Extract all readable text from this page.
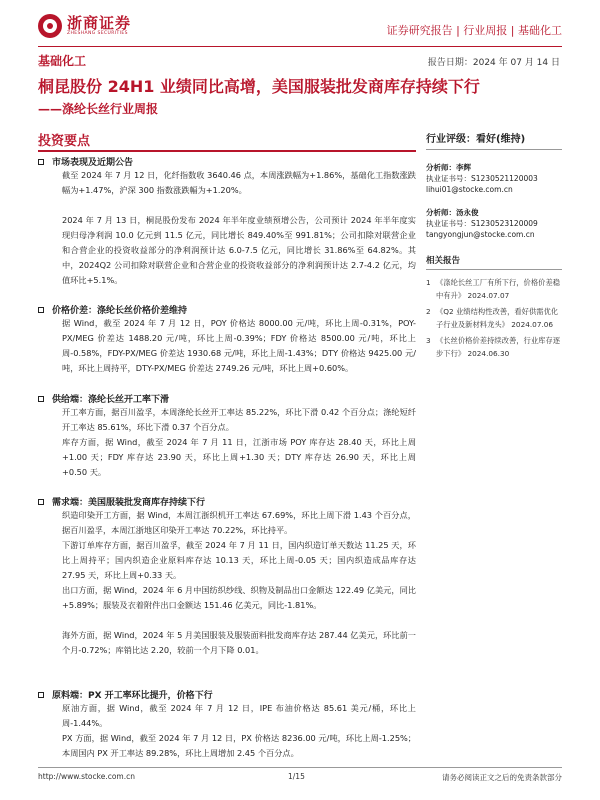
浙商证券
ZHESHANG SECURITIES	证券研究报告 | 行业周报 | 基础化工
基础化工	报告日期：2024 年 07 月 14 日
桐昆股份 24H1 业绩同比高增，美国服装批发商库存持续下行
——涤纶长丝行业周报
投资要点
市场表现及近期公告

截至 2024 年 7 月 12 日，化纤指数收 3640.46 点，本周涨跌幅为+1.86%，基础化工指数涨跌幅为+1.47%，沪深 300 指数涨跌幅为+1.20%。

2024 年 7 月 13 日，桐昆股份发布 2024 年半年度业绩预增公告，公司预计 2024 年半年度实现归母净利润 10.0 亿元到 11.5 亿元，同比增长 849.40%至 991.81%；公司扣除对联营企业和合营企业的投资收益部分的净利润预计达 6.0-7.5 亿元，同比增长 31.86%至 64.82%。其中，2024Q2 公司扣除对联营企业和合营企业的投资收益部分的净利润预计达 2.7-4.2 亿元，均值环比+5.1%。

价格价差：涤纶长丝价格价差维持

据 Wind，截至 2024 年 7 月 12 日，POY 价格达 8000.00 元/吨，环比上周-0.31%，POY-PX/MEG 价差达 1488.20 元/吨，环比上周-0.39%；FDY 价格达 8500.00 元/吨，环比上周-0.58%，FDY-PX/MEG 价差达 1930.68 元/吨，环比上周-1.43%；DTY 价格达 9425.00 元/吨，环比上周持平，DTY-PX/MEG 价差达 2749.26 元/吨，环比上周+0.60%。

供给端：涤纶长丝开工率下滑

开工率方面，据百川盈孚，本周涤纶长丝开工率达 85.22%，环比下滑 0.42 个百分点；涤纶短纤开工率达 85.61%，环比下滑 0.37 个百分点。

库存方面，据 Wind，截至 2024 年 7 月 11 日，江浙市场 POY 库存达 28.40 天，环比上周+1.00 天；FDY 库存达 23.90 天，环比上周+1.30 天；DTY 库存达 26.90 天，环比上周+0.50 天。

需求端：美国服装批发商库存持续下行

织造印染开工方面，据 Wind，本周江浙织机开工率达 67.69%，环比上周下滑 1.43 个百分点，据百川盈孚，本周江浙地区印染开工率达 70.22%，环比持平。

下游订单库存方面，据百川盈孚，截至 2024 年 7 月 11 日，国内织造订单天数达 11.25 天，环比上周持平；国内织造企业原料库存达 10.13 天，环比上周-0.05 天；国内织造成品库存达 27.95 天，环比上周+0.33 天。

出口方面，据 Wind，2024 年 6 月中国纺织纱线、织物及制品出口金额达 122.49 亿美元，同比+5.89%；服装及衣着附件出口金额达 151.46 亿美元，同比-1.81%。

海外方面，据 Wind，2024 年 5 月美国服装及服装面料批发商库存达 287.44 亿美元，环比前一个月-0.72%；库销比达 2.20，较前一个月下降 0.01。

原料端：PX 开工率环比提升，价格下行

原油方面，据 Wind，截至 2024 年 7 月 12 日，IPE 布油价格达 85.61 美元/桶，环比上周-1.44%。

PX 方面，据 Wind，截至 2024 年 7 月 12 日，PX 价格达 8236.00 元/吨，环比上周-1.25%；本周国内 PX 开工率达 89.28%，环比上周增加 2.45 个百分点。

行业评级：看好(维持)
分析师：李辉
执业证书号：S1230521120003
lihui01@stocke.com.cn
分析师：汤永俊
执业证书号：S1230523120009
tangyongjun@stocke.com.cn
相关报告
1 《涤纶长丝工厂有所下行，价格价差稳中有升》 2024.07.07
2 《Q2 业绩结构性改善，看好供需优化子行业及新材料龙头》 2024.07.06
3 《长丝价格价差持续改善，行业库存逐步下行》 2024.06.30
http://www.stocke.com.cn	1/15	请务必阅读正文之后的免责条款部分
